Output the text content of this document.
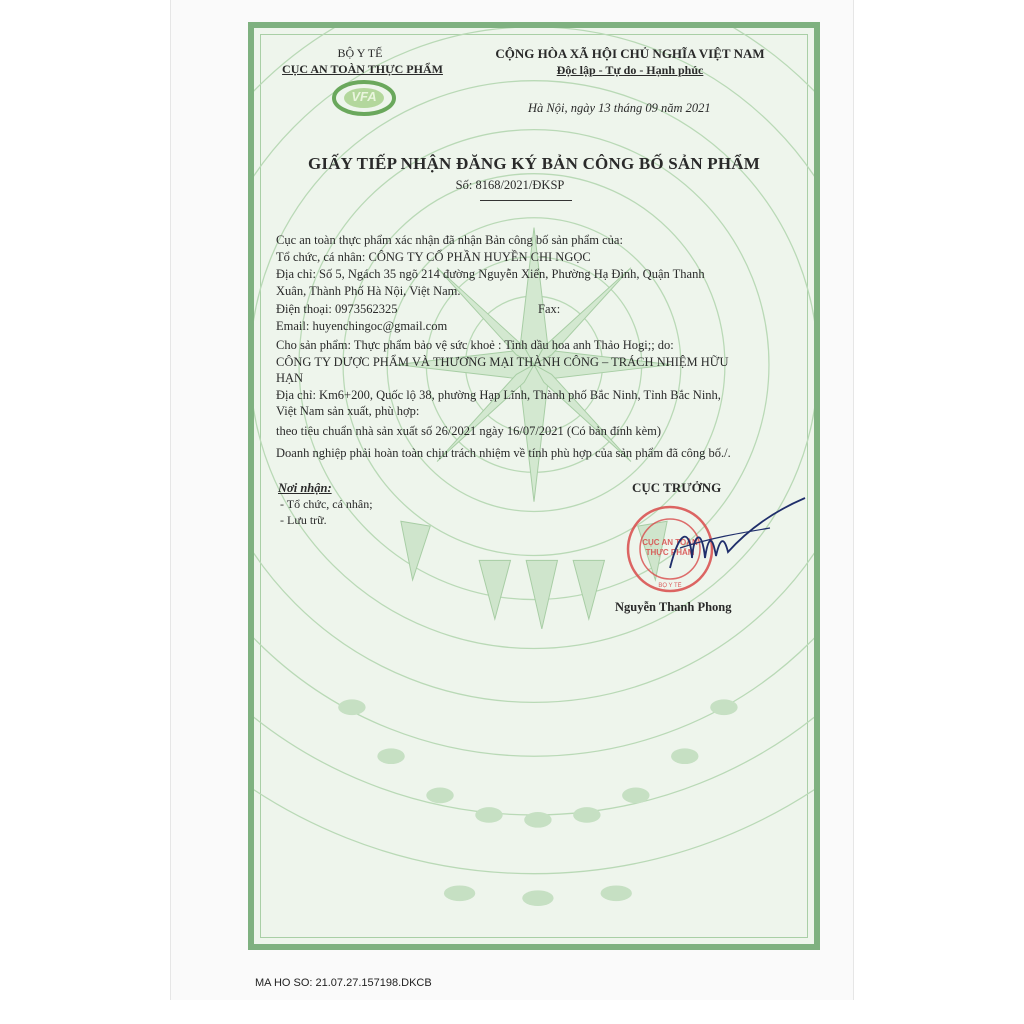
BỘ Y TẾ
CỤC AN TOÀN THỰC PHẨM
VFA
CỘNG HÒA XÃ HỘI CHỦ NGHĨA VIỆT NAM
Độc lập - Tự do - Hạnh phúc
Hà Nội, ngày 13 tháng 09 năm 2021
GIẤY TIẾP NHẬN ĐĂNG KÝ BẢN CÔNG BỐ SẢN PHẨM
Số: 8168/2021/ĐKSP
Cục an toàn thực phẩm xác nhận đã nhận Bản công bố sản phẩm của:
Tổ chức, cá nhân: CÔNG TY CỔ PHẦN HUYỀN CHI NGỌC
Địa chỉ: Số 5, Ngách 35 ngõ 214 đường Nguyễn Xiển, Phường Hạ Đình, Quận Thanh
Xuân, Thành Phố Hà Nội, Việt Nam.
Điện thoại: 0973562325	Fax:
Email: huyenchingoc@gmail.com
Cho sản phẩm: Thực phẩm bảo vệ sức khoẻ : Tinh dầu hoa anh Thảo Hogi;; do:
CÔNG TY DƯỢC PHẨM VÀ THƯƠNG MẠI THÀNH CÔNG – TRÁCH NHIỆM HỮU
HẠN
Địa chỉ: Km6+200, Quốc lộ 38, phường Hạp Lĩnh, Thành phố Bắc Ninh, Tỉnh Bắc Ninh,
Việt Nam sản xuất, phù hợp:
theo tiêu chuẩn nhà sản xuất số 26/2021 ngày 16/07/2021 (Có bản đính kèm)
Doanh nghiệp phải hoàn toàn chịu trách nhiệm về tính phù hợp của sản phẩm đã công bố./.
Nơi nhận:
- Tổ chức, cá nhân;
- Lưu trữ.
CỤC TRƯỞNG
CỤC AN TOÀN
THỰC PHẨM
BỘ Y TẾ
Nguyễn Thanh Phong
MA HO SO: 21.07.27.157198.DKCB
